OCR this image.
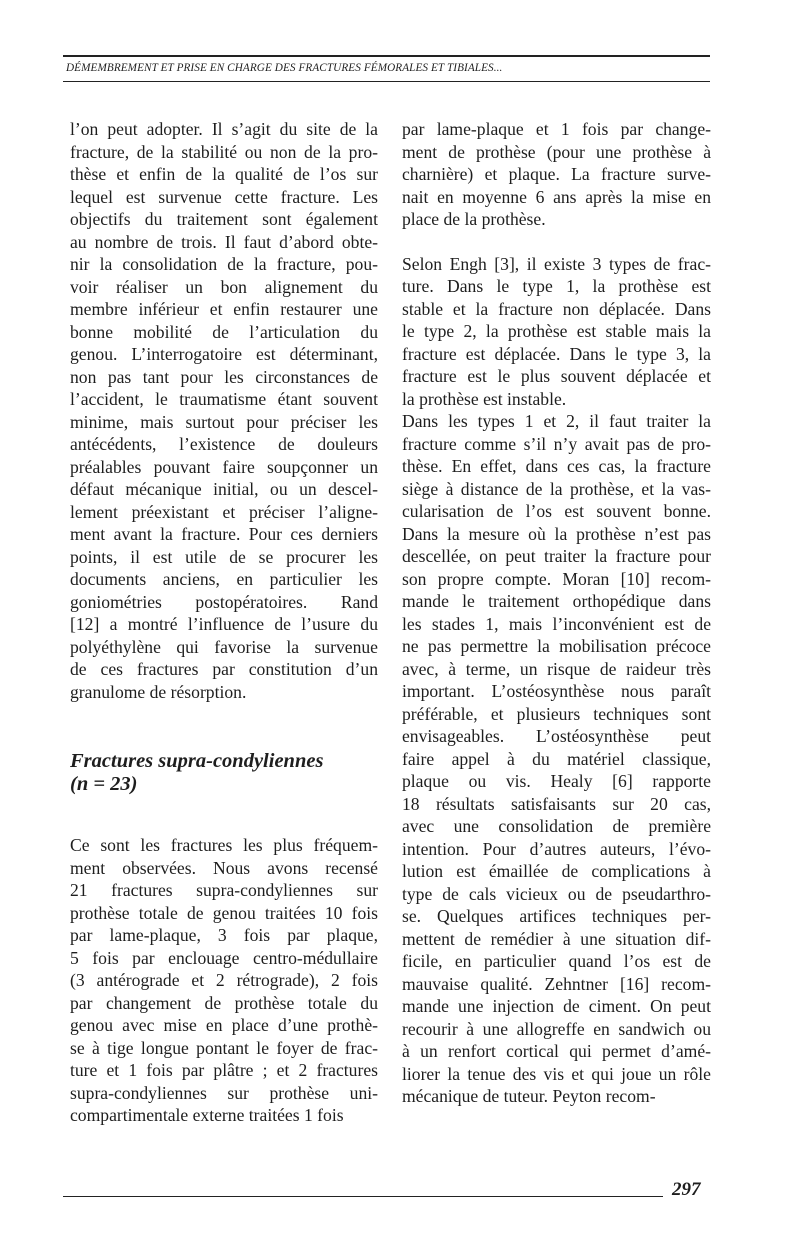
DÉMEMBREMENT ET PRISE EN CHARGE DES FRACTURES FÉMORALES ET TIBIALES...

l’on peut adopter. Il s’agit du site de la
fracture, de la stabilité ou non de la pro-
thèse et enfin de la qualité de l’os sur
lequel est survenue cette fracture. Les
objectifs du traitement sont également
au nombre de trois. Il faut d’abord obte-
nir la consolidation de la fracture, pou-
voir réaliser un bon alignement du
membre inférieur et enfin restaurer une
bonne mobilité de l’articulation du
genou. L’interrogatoire est déterminant,
non pas tant pour les circonstances de
l’accident, le traumatisme étant souvent
minime, mais surtout pour préciser les
antécédents, l’existence de douleurs
préalables pouvant faire soupçonner un
défaut mécanique initial, ou un descel-
lement préexistant et préciser l’aligne-
ment avant la fracture. Pour ces derniers
points, il est utile de se procurer les
documents anciens, en particulier les
goniométries postopératoires. Rand
[12] a montré l’influence de l’usure du
polyéthylène qui favorise la survenue
de ces fractures par constitution d’un
granulome de résorption.

Fractures supra-condyliennes
(n = 23)

Ce sont les fractures les plus fréquem-
ment observées. Nous avons recensé
21 fractures supra-condyliennes sur
prothèse totale de genou traitées 10 fois
par lame-plaque, 3 fois par plaque,
5 fois par enclouage centro-médullaire
(3 antérograde et 2 rétrograde), 2 fois
par changement de prothèse totale du
genou avec mise en place d’une prothè-
se à tige longue pontant le foyer de frac-
ture et 1 fois par plâtre ; et 2 fractures
supra-condyliennes sur prothèse uni-
compartimentale externe traitées 1 fois

par lame-plaque et 1 fois par change-
ment de prothèse (pour une prothèse à
charnière) et plaque. La fracture surve-
nait en moyenne 6 ans après la mise en
place de la prothèse.

Selon Engh [3], il existe 3 types de frac-
ture. Dans le type 1, la prothèse est
stable et la fracture non déplacée. Dans
le type 2, la prothèse est stable mais la
fracture est déplacée. Dans le type 3, la
fracture est le plus souvent déplacée et
la prothèse est instable.

Dans les types 1 et 2, il faut traiter la
fracture comme s’il n’y avait pas de pro-
thèse. En effet, dans ces cas, la fracture
siège à distance de la prothèse, et la vas-
cularisation de l’os est souvent bonne.
Dans la mesure où la prothèse n’est pas
descellée, on peut traiter la fracture pour
son propre compte. Moran [10] recom-
mande le traitement orthopédique dans
les stades 1, mais l’inconvénient est de
ne pas permettre la mobilisation précoce
avec, à terme, un risque de raideur très
important. L’ostéosynthèse nous paraît
préférable, et plusieurs techniques sont
envisageables. L’ostéosynthèse peut
faire appel à du matériel classique,
plaque ou vis. Healy [6] rapporte
18 résultats satisfaisants sur 20 cas,
avec une consolidation de première
intention. Pour d’autres auteurs, l’évo-
lution est émaillée de complications à
type de cals vicieux ou de pseudarthro-
se. Quelques artifices techniques per-
mettent de remédier à une situation dif-
ficile, en particulier quand l’os est de
mauvaise qualité. Zehntner [16] recom-
mande une injection de ciment. On peut
recourir à une allogreffe en sandwich ou
à un renfort cortical qui permet d’amé-
liorer la tenue des vis et qui joue un rôle
mécanique de tuteur. Peyton recom-

297
